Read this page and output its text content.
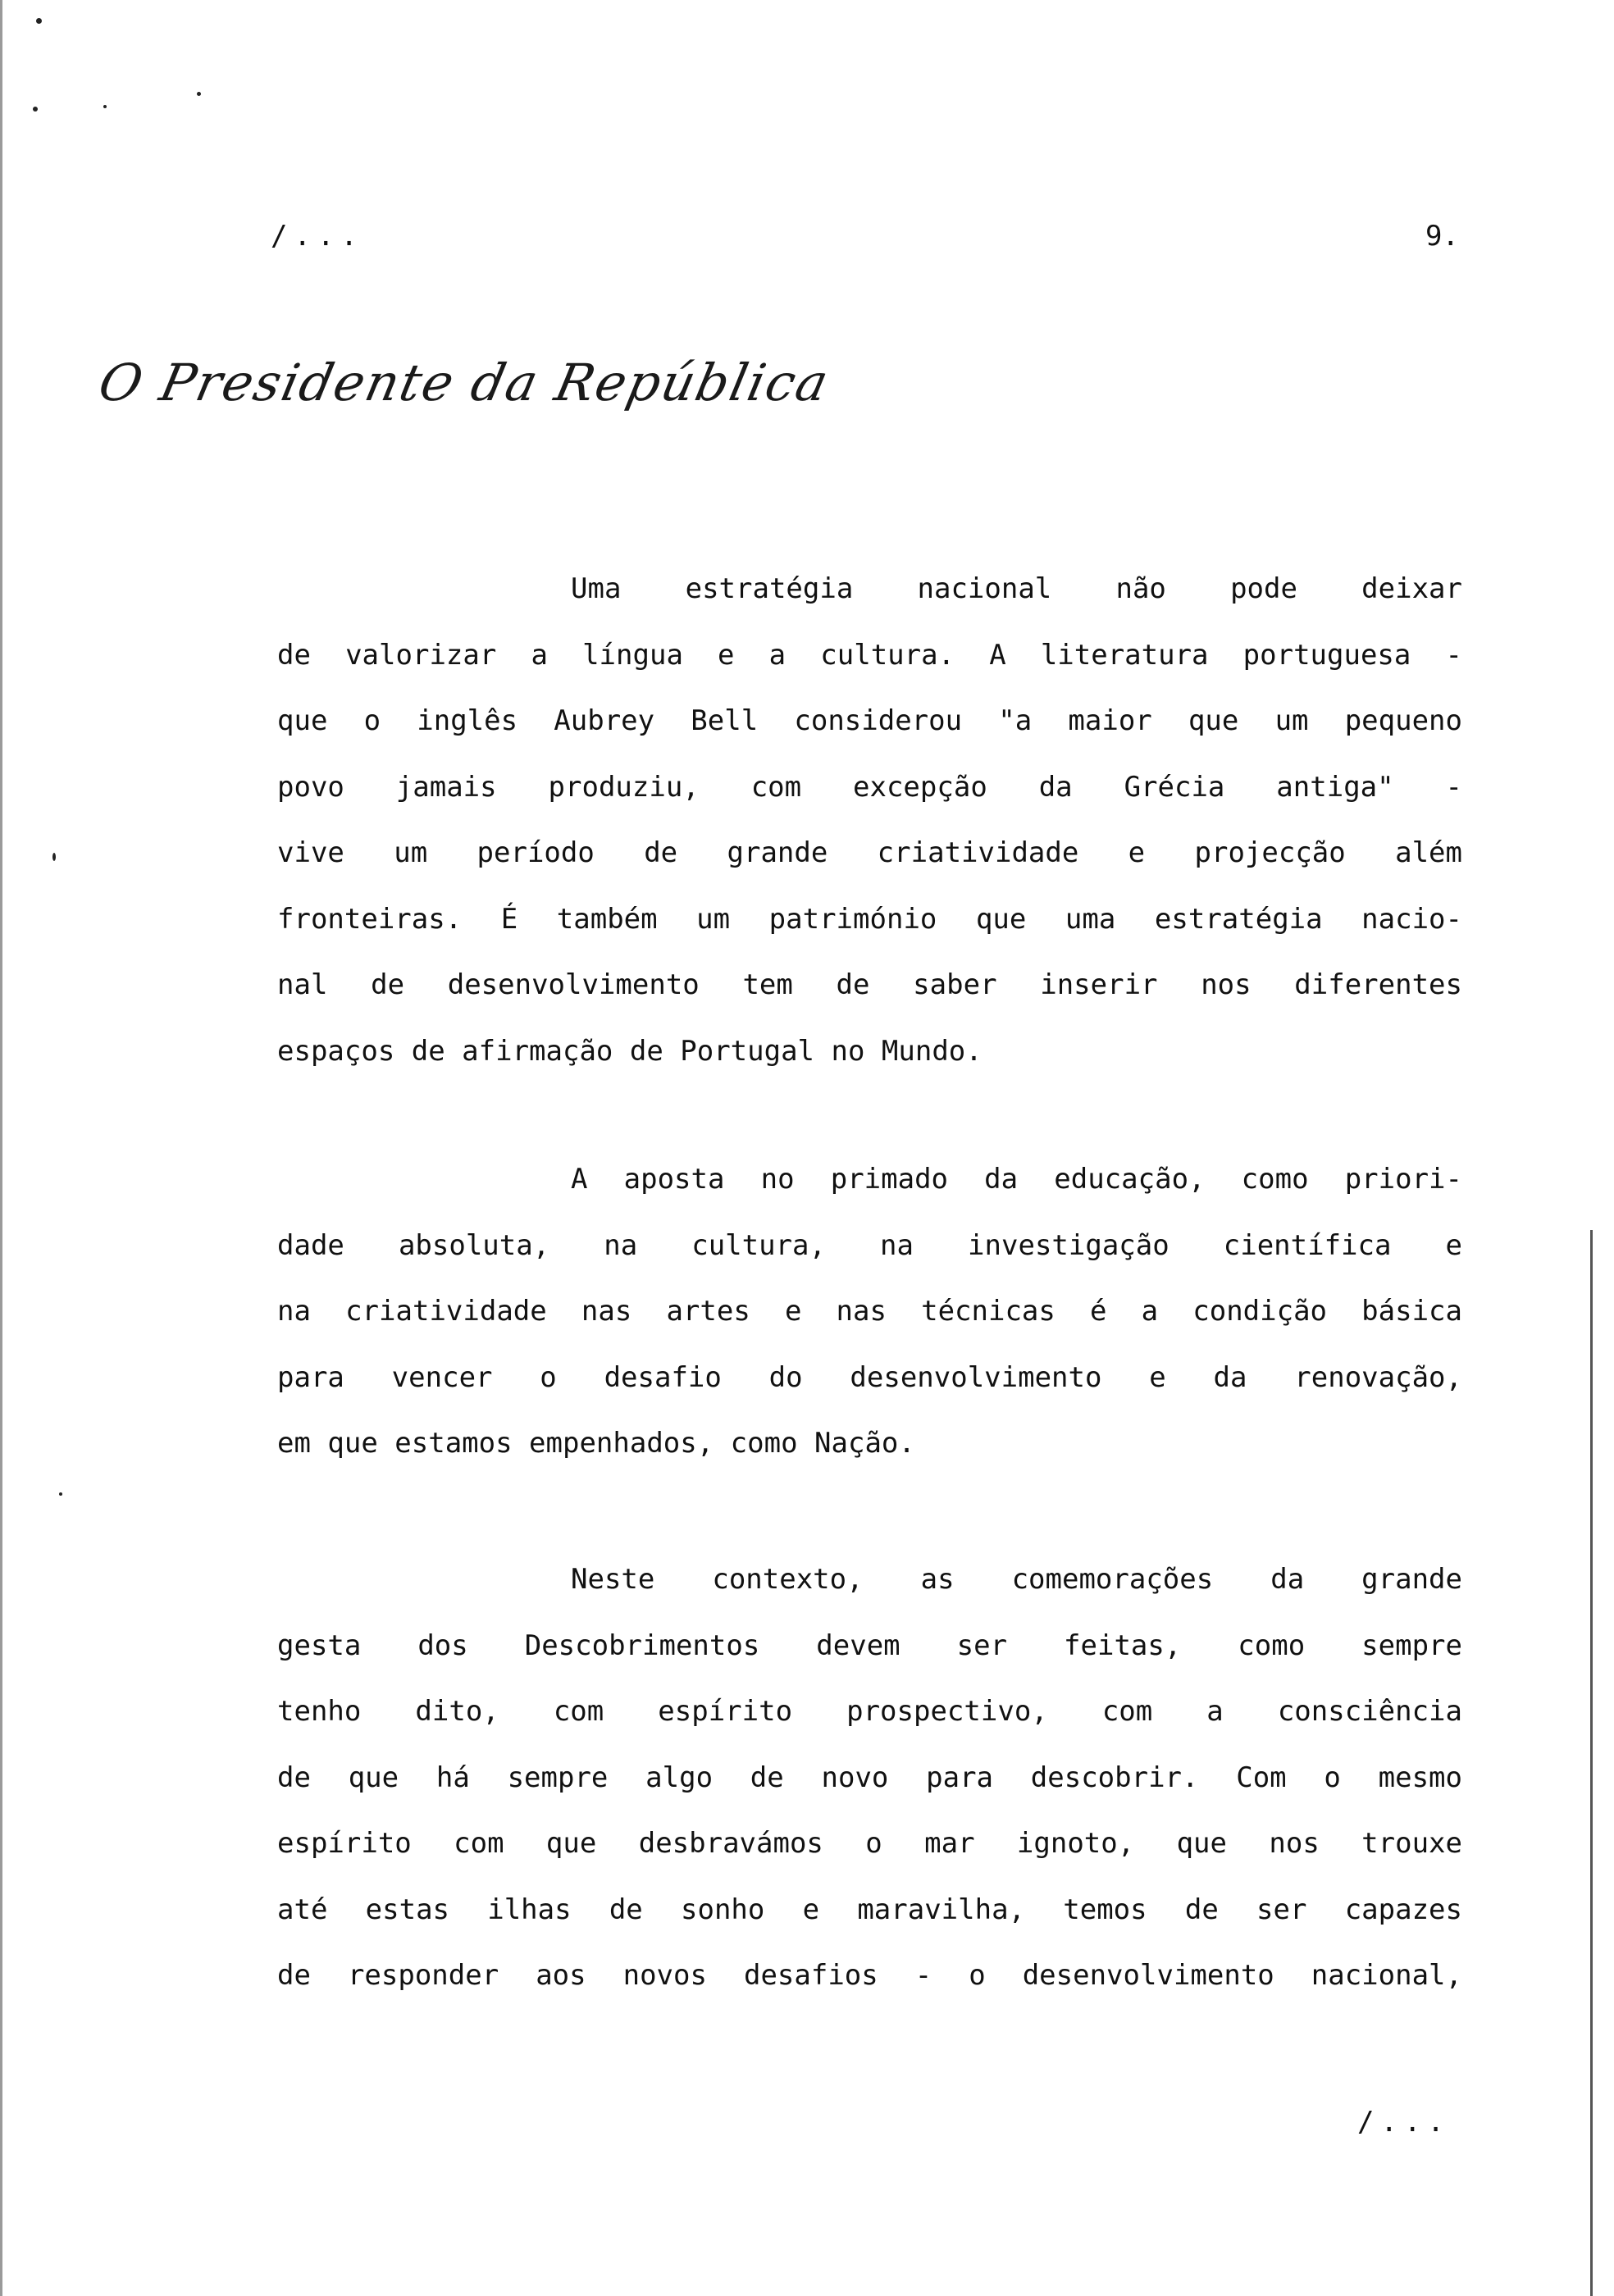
/...	9.
O Presidente da República
Uma estratégia nacional não pode deixar
de valorizar a língua e a cultura. A literatura portuguesa -
que o inglês Aubrey Bell considerou "a maior que um pequeno
povo jamais produziu, com excepção da Grécia antiga" -
vive um período de grande criatividade e projecção além
fronteiras. É também um património que uma estratégia nacio-
nal de desenvolvimento tem de saber inserir nos diferentes
espaços de afirmação de Portugal no Mundo.
A aposta no primado da educação, como priori-
dade absoluta, na cultura, na investigação científica e
na criatividade nas artes e nas técnicas é a condição básica
para vencer o desafio do desenvolvimento e da renovação,
em que estamos empenhados, como Nação.
Neste contexto, as comemorações da grande
gesta dos Descobrimentos devem ser feitas, como sempre
tenho dito, com espírito prospectivo, com a consciência
de que há sempre algo de novo para descobrir. Com o mesmo
espírito com que desbravámos o mar ignoto, que nos trouxe
até estas ilhas de sonho e maravilha, temos de ser capazes
de responder aos novos desafios - o desenvolvimento nacional,
/...
